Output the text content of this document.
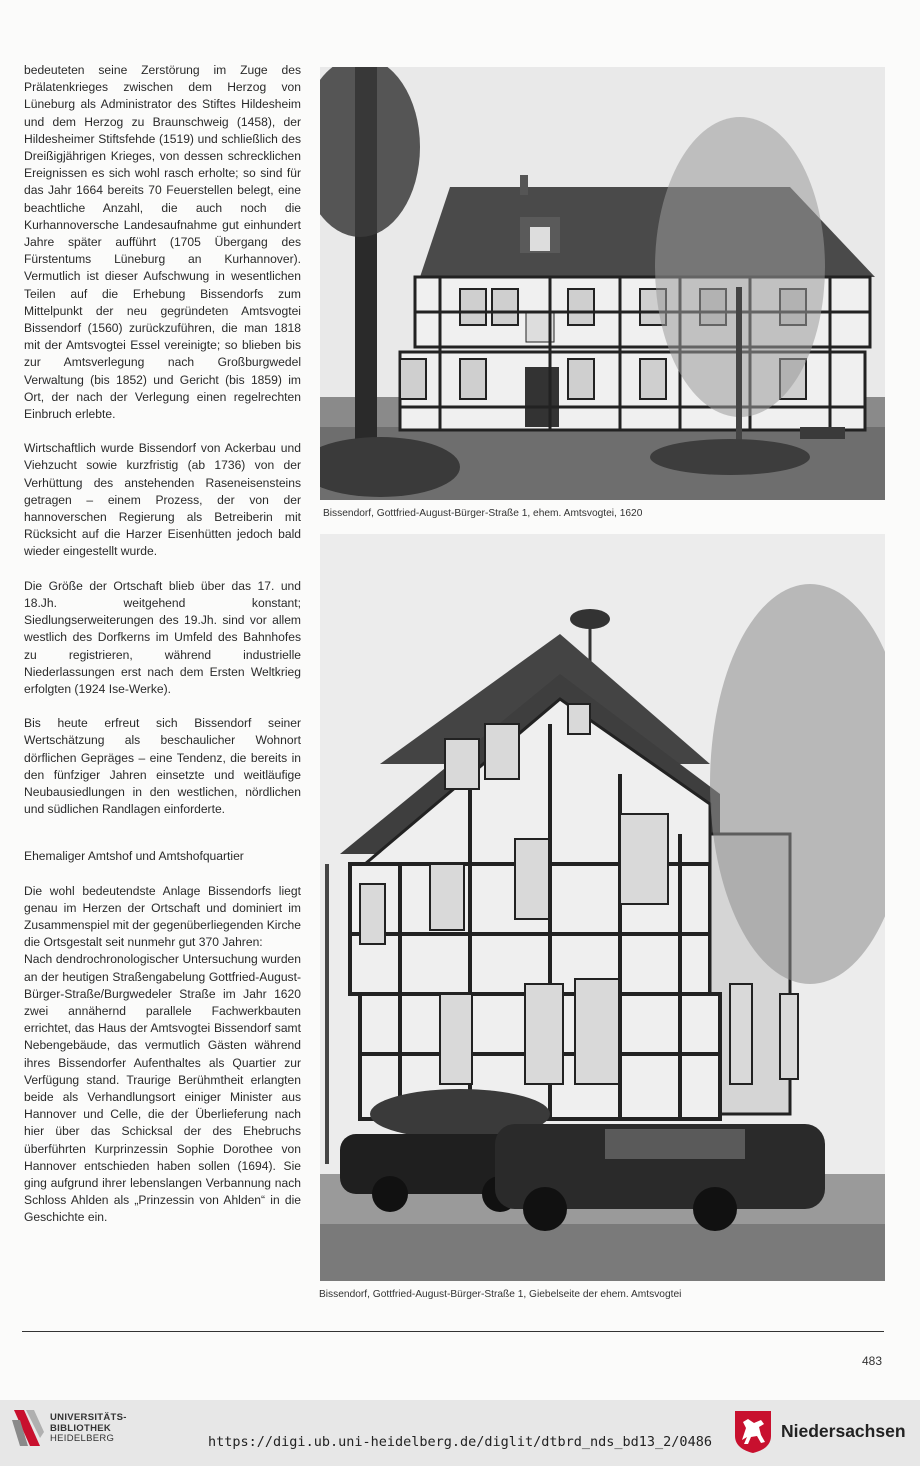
bedeuteten seine Zerstörung im Zuge des Prälatenkrieges zwischen dem Herzog von Lüneburg als Administrator des Stiftes Hildesheim und dem Herzog zu Braunschweig (1458), der Hildesheimer Stiftsfehde (1519) und schließlich des Dreißigjährigen Krieges, von dessen schrecklichen Ereignissen es sich wohl rasch erholte; so sind für das Jahr 1664 bereits 70 Feuerstellen belegt, eine beachtliche Anzahl, die auch noch die Kurhannoversche Landesaufnahme gut einhundert Jahre später aufführt (1705 Übergang des Fürstentums Lüneburg an Kurhannover). Vermutlich ist dieser Aufschwung in wesentlichen Teilen auf die Erhebung Bissendorfs zum Mittelpunkt der neu gegründeten Amtsvogtei Bissendorf (1560) zurückzuführen, die man 1818 mit der Amtsvogtei Essel vereinigte; so blieben bis zur Amtsverlegung nach Großburgwedel Verwaltung (bis 1852) und Gericht (bis 1859) im Ort, der nach der Verlegung einen regelrechten Einbruch erlebte.

Wirtschaftlich wurde Bissendorf von Ackerbau und Viehzucht sowie kurzfristig (ab 1736) von der Verhüttung des anstehenden Raseneisensteins getragen – einem Prozess, der von der hannoverschen Regierung als Betreiberin mit Rücksicht auf die Harzer Eisenhütten jedoch bald wieder eingestellt wurde.

Die Größe der Ortschaft blieb über das 17. und 18.Jh. weitgehend konstant; Siedlungserweiterungen des 19.Jh. sind vor allem westlich des Dorfkerns im Umfeld des Bahnhofes zu registrieren, während industrielle Niederlassungen erst nach dem Ersten Weltkrieg erfolgten (1924 Ise-Werke).

Bis heute erfreut sich Bissendorf seiner Wertschätzung als beschaulicher Wohnort dörflichen Gepräges – eine Tendenz, die bereits in den fünfziger Jahren einsetzte und weitläufige Neubausiedlungen in den westlichen, nördlichen und südlichen Randlagen einforderte.

Ehemaliger Amtshof und Amtshofquartier

Die wohl bedeutendste Anlage Bissendorfs liegt genau im Herzen der Ortschaft und dominiert im Zusammenspiel mit der gegenüberliegenden Kirche die Ortsgestalt seit nunmehr gut 370 Jahren:

Nach dendrochronologischer Untersuchung wurden an der heutigen Straßengabelung Gottfried-August-Bürger-Straße/Burgwedeler Straße im Jahr 1620 zwei annähernd parallele Fachwerkbauten errichtet, das Haus der Amtsvogtei Bissendorf samt Nebengebäude, das vermutlich Gästen während ihres Bissendorfer Aufenthaltes als Quartier zur Verfügung stand. Traurige Berühmtheit erlangten beide als Verhandlungsort einiger Minister aus Hannover und Celle, die der Überlieferung nach hier über das Schicksal der des Ehebruchs überführten Kurprinzessin Sophie Dorothee von Hannover entschieden haben sollen (1694). Sie ging aufgrund ihrer lebenslangen Verbannung nach Schloss Ahlden als „Prinzessin von Ahlden“ in die Geschichte ein.

Bissendorf, Gottfried-August-Bürger-Straße 1, ehem. Amtsvogtei, 1620
Bissendorf, Gottfried-August-Bürger-Straße 1, Giebelseite der ehem. Amtsvogtei
483
UNIVERSITÄTS-
BIBLIOTHEK
HEIDELBERG	https://digi.ub.uni-heidelberg.de/diglit/dtbrd_nds_bd13_2/0486
Niedersachsen
